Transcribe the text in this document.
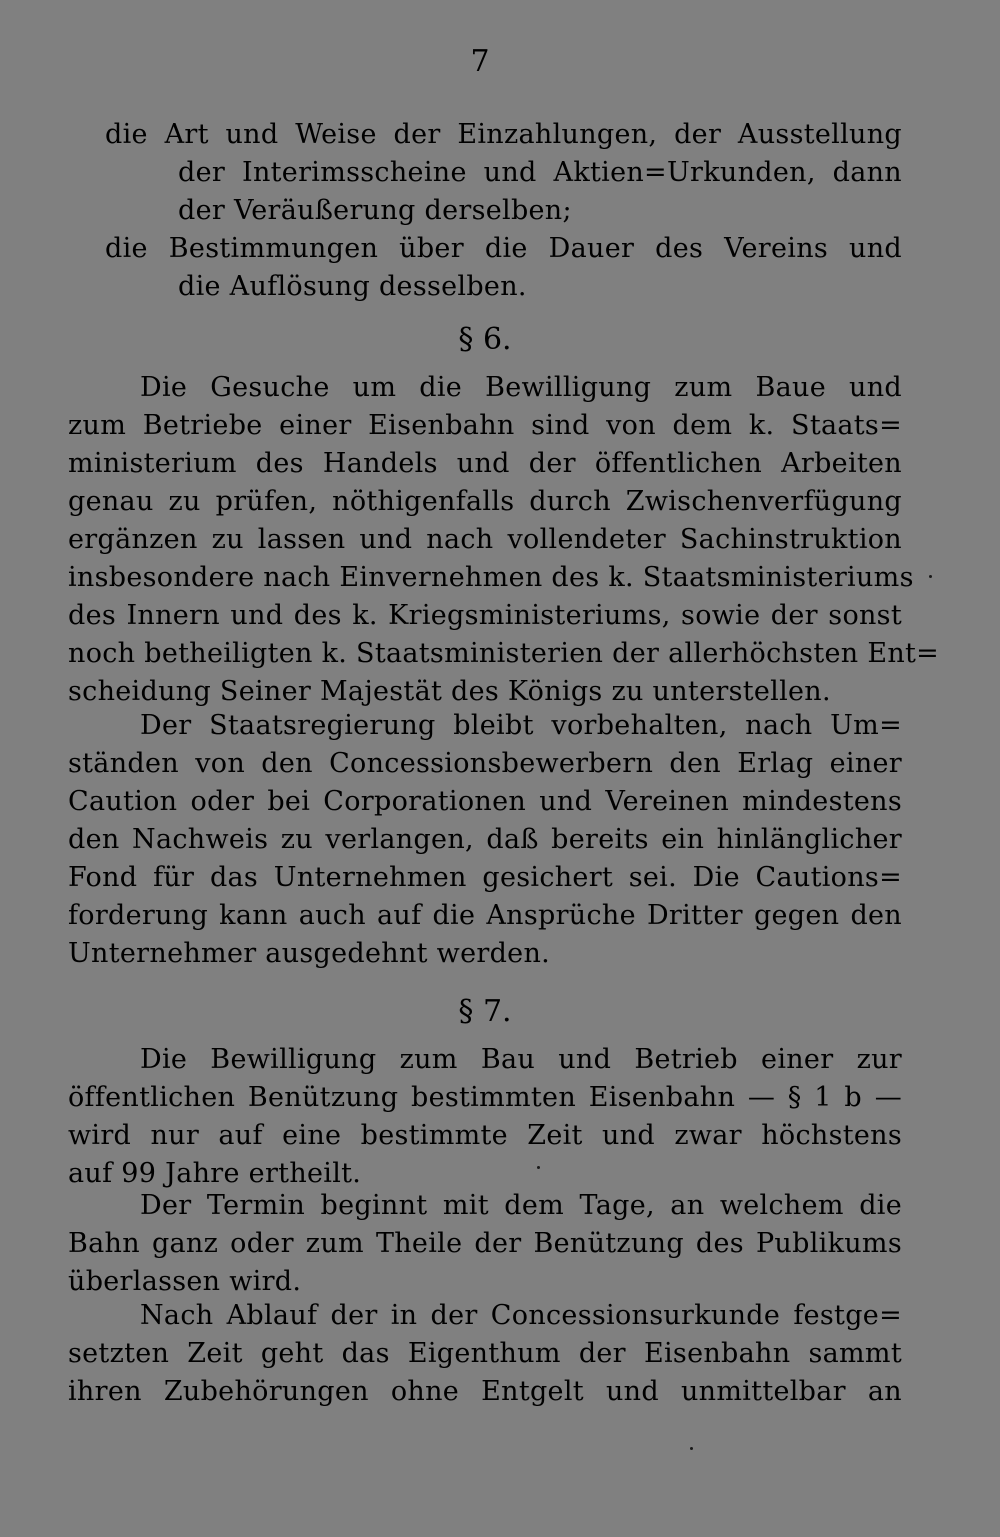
7
die Art und Weise der Einzahlungen, der Ausstellung
der Interimsscheine und Aktien=Urkunden, dann
der Veräußerung derselben;
die Bestimmungen über die Dauer des Vereins und
die Auflösung desselben.
§ 6.
Die Gesuche um die Bewilligung zum Baue und
zum Betriebe einer Eisenbahn sind von dem k. Staats=
ministerium des Handels und der öffentlichen Arbeiten
genau zu prüfen, nöthigenfalls durch Zwischenverfügung
ergänzen zu lassen und nach vollendeter Sachinstruktion
insbesondere nach Einvernehmen des k. Staatsministeriums
des Innern und des k. Kriegsministeriums, sowie der sonst
noch betheiligten k. Staatsministerien der allerhöchsten Ent=
scheidung Seiner Majestät des Königs zu unterstellen.
Der Staatsregierung bleibt vorbehalten, nach Um=
ständen von den Concessionsbewerbern den Erlag einer
Caution oder bei Corporationen und Vereinen mindestens
den Nachweis zu verlangen, daß bereits ein hinlänglicher
Fond für das Unternehmen gesichert sei. Die Cautions=
forderung kann auch auf die Ansprüche Dritter gegen den
Unternehmer ausgedehnt werden.
§ 7.
Die Bewilligung zum Bau und Betrieb einer zur
öffentlichen Benützung bestimmten Eisenbahn — § 1 b —
wird nur auf eine bestimmte Zeit und zwar höchstens
auf 99 Jahre ertheilt.
Der Termin beginnt mit dem Tage, an welchem die
Bahn ganz oder zum Theile der Benützung des Publikums
überlassen wird.
Nach Ablauf der in der Concessionsurkunde festge=
setzten Zeit geht das Eigenthum der Eisenbahn sammt
ihren Zubehörungen ohne Entgelt und unmittelbar an
